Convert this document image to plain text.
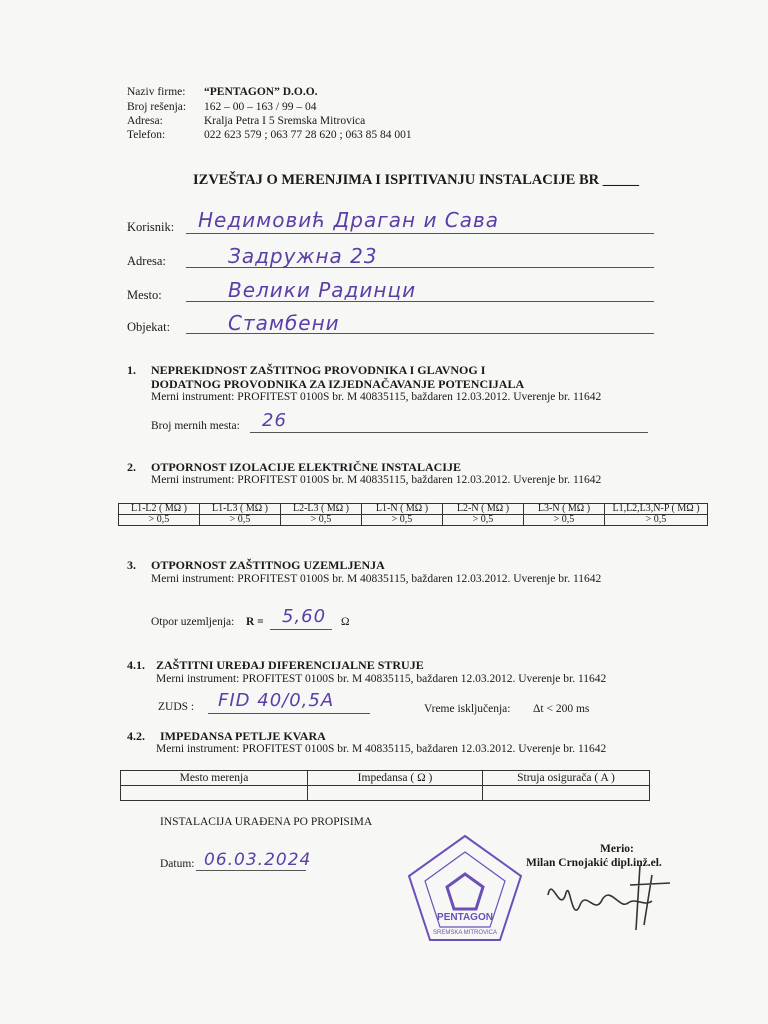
Naziv firme: “PENTAGON” D.O.O.
Broj rešenja: 162 – 00 – 163 / 99 – 04
Adresa:	Kralja Petra I 5 Sremska Mitrovica
Telefon:	022 623 579 ; 063 77 28 620 ; 063 85 84 001
IZVEŠTAJ O MERENJIMA I ISPITIVANJU INSTALACIJE BR _____
Korisnik: Недимовић Драган и Сава
Adresa:	Задружна 23
Mesto:	Велики Радинци
Objekat:	Стамбени
1. NEPREKIDNOST ZAŠTITNOG PROVODNIKA I GLAVNOG I
DODATNOG PROVODNIKA ZA IZJEDNAČAVANJE POTENCIJALA
Merni instrument: PROFITEST 0100S br. M 40835115, baždaren 12.03.2012. Uverenje br. 11642
Broj mernih mesta: 26
2. OTPORNOST IZOLACIJE ELEKTRIČNE INSTALACIJE
Merni instrument: PROFITEST 0100S br. M 40835115, baždaren 12.03.2012. Uverenje br. 11642
L1-L2 ( MΩ )	L1-L3 ( MΩ )	L2-L3 ( MΩ )	L1-N ( MΩ )	L2-N ( MΩ )	L3-N ( MΩ )	L1,L2,L3,N-P ( MΩ )
> 0,5	> 0,5	> 0,5	> 0,5	> 0,5	> 0,5	> 0,5
3. OTPORNOST ZAŠTITNOG UZEMLJENJA
Merni instrument: PROFITEST 0100S br. M 40835115, baždaren 12.03.2012. Uverenje br. 11642
Otpor uzemljenja: R = 5,60 Ω
4.1. ZAŠTITNI UREĐAJ DIFERENCIJALNE STRUJE
Merni instrument: PROFITEST 0100S br. M 40835115, baždaren 12.03.2012. Uverenje br. 11642
ZUDS : FID 40/0,5A	Vreme isključenja: Δt < 200 ms
4.2. IMPEDANSA PETLJE KVARA
Merni instrument: PROFITEST 0100S br. M 40835115, baždaren 12.03.2012. Uverenje br. 11642
Mesto merenja	Impedansa ( Ω )	Struja osigurača ( A )

INSTALACIJA URAĐENA PO PROPISIMA
Datum: 06.03.2024
Merio:
Milan Crnojakić dipl.inž.el.
PENTAGON
SREMSKA MITROVICA
